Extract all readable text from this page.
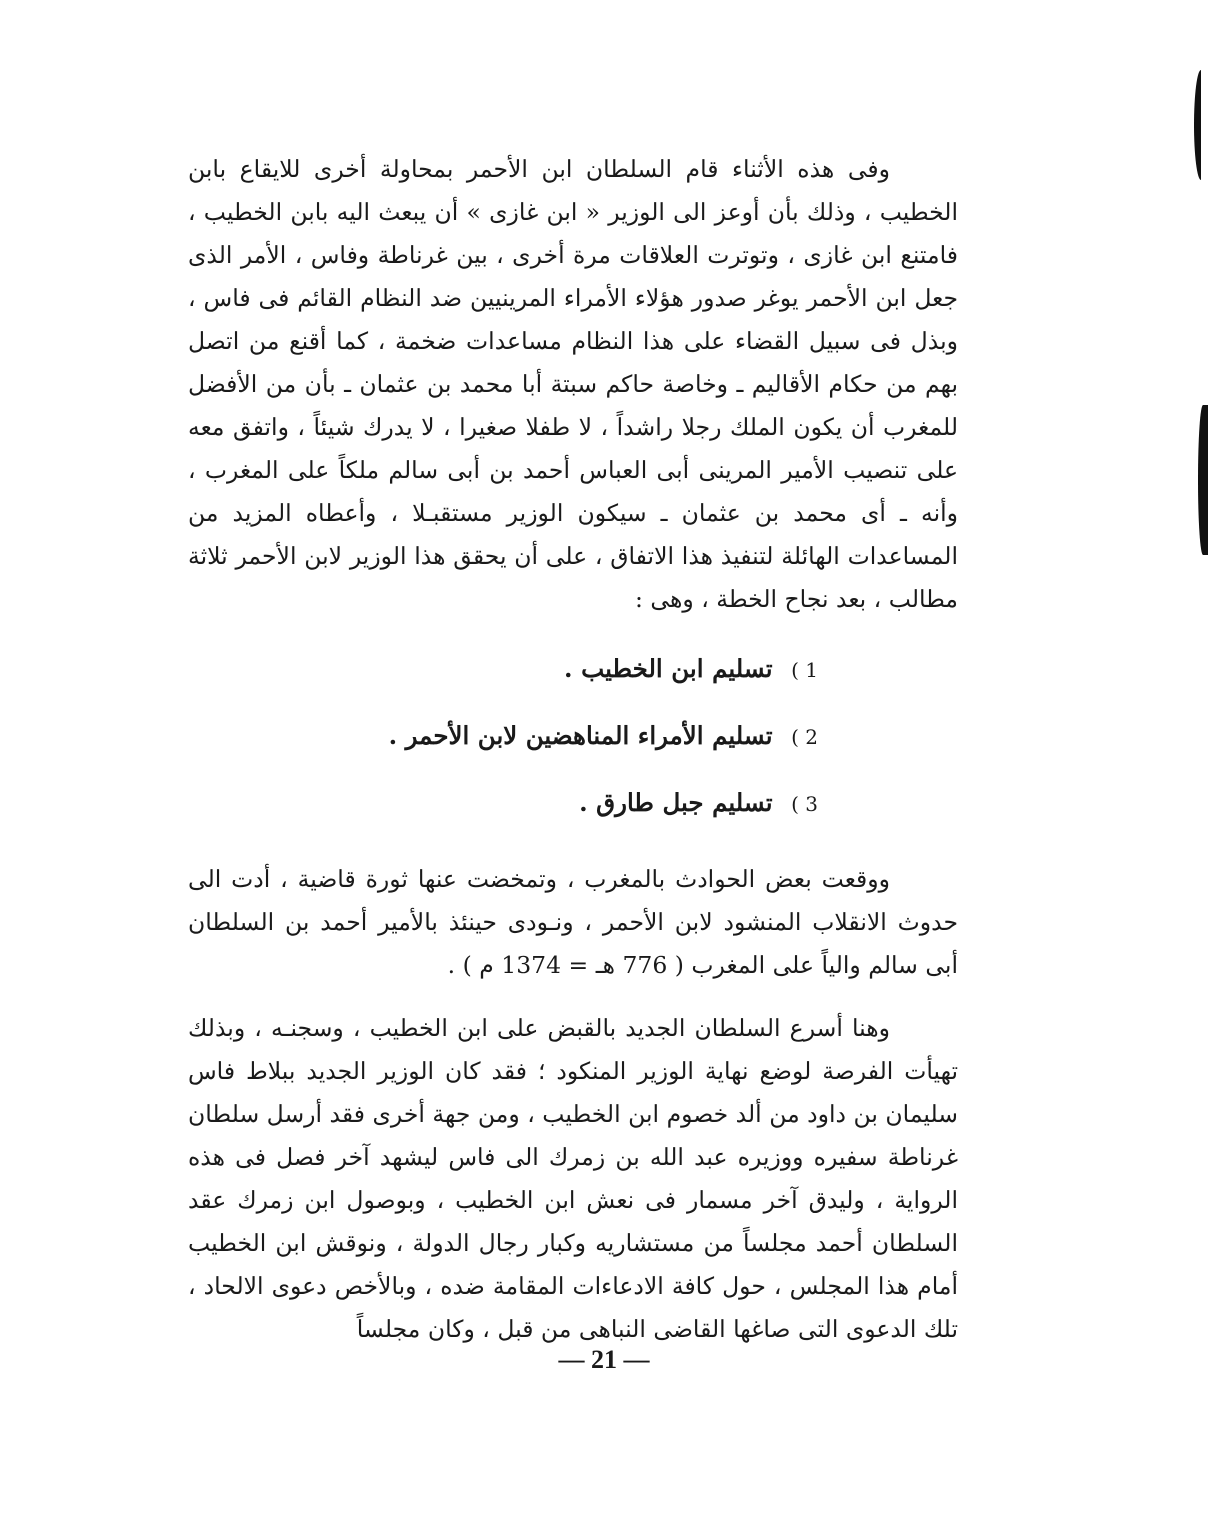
وفى هذه الأثناء قام السلطان ابن الأحمر بمحاولة أخرى للايقاع بابن الخطيب ، وذلك بأن أوعز الى الوزير « ابن غازى » أن يبعث اليه بابن الخطيب ، فامتنع ابن غازى ، وتوترت العلاقات مرة أخرى ، بين غرناطة وفاس ، الأمر الذى جعل ابن الأحمر يوغر صدور هؤلاء الأمراء المرينيين ضد النظام القائم فى فاس ، وبذل فى سبيل القضاء على هذا النظام مساعدات ضخمة ، كما أقنع من اتصل بهم من حكام الأقاليم ـ وخاصة حاكم سبتة أبا محمد بن عثمان ـ بأن من الأفضل للمغرب أن يكون الملك رجلا راشداً ، لا طفلا صغيرا ، لا يدرك شيئاً ، واتفق معه على تنصيب الأمير المرينى أبى العباس أحمد بن أبى سالم ملكاً على المغرب ، وأنه ـ أى محمد بن عثمان ـ سيكون الوزير مستقبـلا ، وأعطاه المزيد من المساعدات الهائلة لتنفيذ هذا الاتفاق ، على أن يحقق هذا الوزير لابن الأحمر ثلاثة مطالب ، بعد نجاح الخطة ، وهى :

1 ) تسليم ابن الخطيب .
2 ) تسليم الأمراء المناهضين لابن الأحمر .
3 ) تسليم جبل طارق .

ووقعت بعض الحوادث بالمغرب ، وتمخضت عنها ثورة قاضية ، أدت الى حدوث الانقلاب المنشود لابن الأحمر ، ونـودى حينئذ بالأمير أحمد بن السلطان أبى سالم والياً على المغرب ( 776 هـ = 1374 م ) .

وهنا أسرع السلطان الجديد بالقبض على ابن الخطيب ، وسجنـه ، وبذلك تهيأت الفرصة لوضع نهاية الوزير المنكود ؛ فقد كان الوزير الجديد ببلاط فاس سليمان بن داود من ألد خصوم ابن الخطيب ، ومن جهة أخرى فقد أرسل سلطان غرناطة سفيره ووزيره عبد الله بن زمرك الى فاس ليشهد آخر فصل فى هذه الرواية ، وليدق آخر مسمار فى نعش ابن الخطيب ، وبوصول ابن زمرك عقد السلطان أحمد مجلساً من مستشاريه وكبار رجال الدولة ، ونوقش ابن الخطيب أمام هذا المجلس ، حول كافة الادعاءات المقامة ضده ، وبالأخص دعوى الالحاد ، تلك الدعوى التى صاغها القاضى النباهى من قبل ، وكان مجلساً

— 21 —
